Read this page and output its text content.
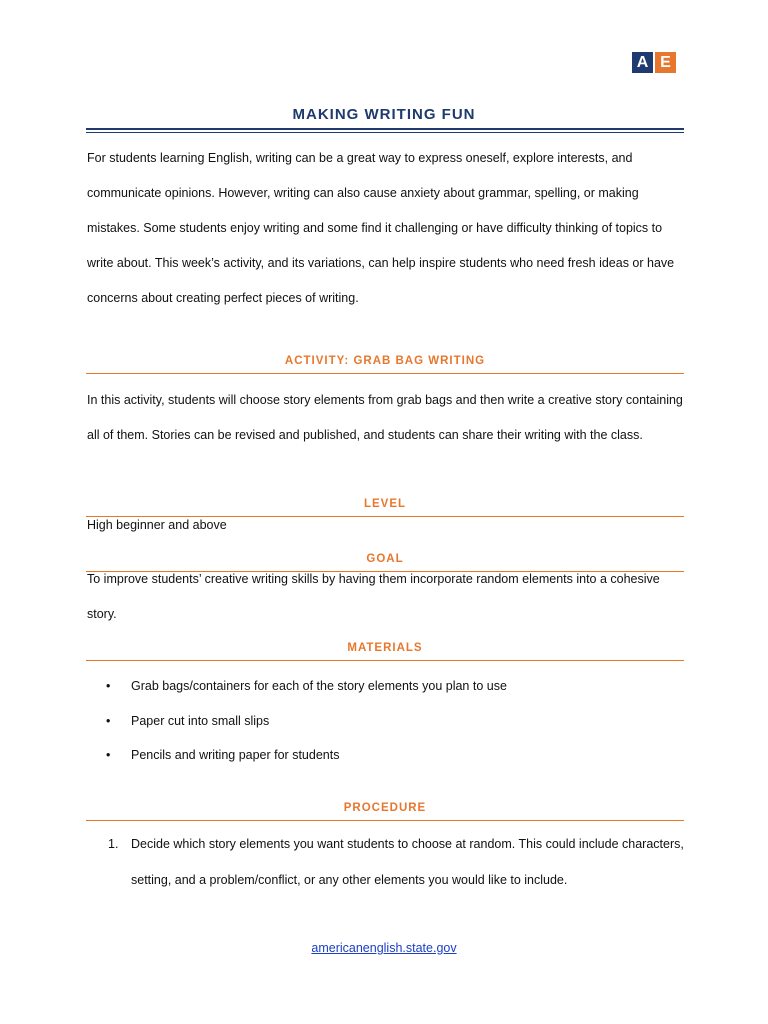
A E
MAKING WRITING FUN
For students learning English, writing can be a great way to express oneself, explore interests, and communicate opinions. However, writing can also cause anxiety about grammar, spelling, or making mistakes. Some students enjoy writing and some find it challenging or have difficulty thinking of topics to write about. This week’s activity, and its variations, can help inspire students who need fresh ideas or have concerns about creating perfect pieces of writing.
ACTIVITY: GRAB BAG WRITING
In this activity, students will choose story elements from grab bags and then write a creative story containing all of them. Stories can be revised and published, and students can share their writing with the class.
LEVEL
High beginner and above
GOAL
To improve students’ creative writing skills by having them incorporate random elements into a cohesive story.
MATERIALS
• Grab bags/containers for each of the story elements you plan to use
• Paper cut into small slips
• Pencils and writing paper for students
PROCEDURE
1. Decide which story elements you want students to choose at random. This could include characters, setting, and a problem/conflict, or any other elements you would like to include.
americanenglish.state.gov
